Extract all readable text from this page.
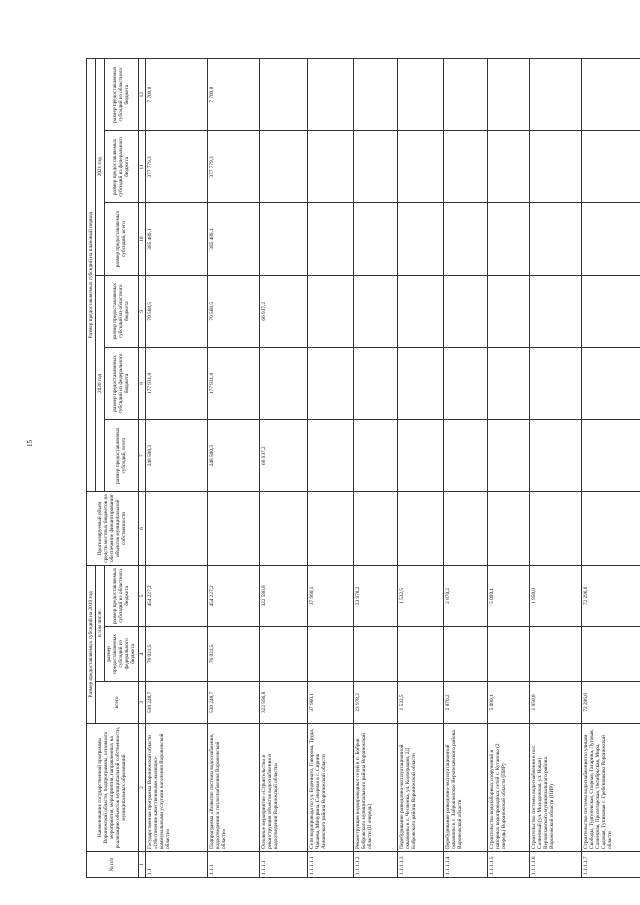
15
№ п/п	Наименование государственной программы Воронежской области, подпрограммы, основного мероприятия, мероприятия, направленных на реализацию объектов муниципальной собственности, муниципальных образований	Размер предоставляемых субсидий на 2019 год			Прогнозируемый объем средств местных бюджетов на обеспечение финансирования объектов муниципальной собственности	Размер предоставляемых субсидий на плановый период					
		всего	в том числе:			2020 год			2021 год		
						размер предоставляемых субсидий, всего	размер предоставляемых субсидий из федерального бюджета	размер предоставляемых субсидий из областного бюджета	размер предоставляемых субсидий, всего	размер предоставляемых субсидий из федерального бюджета	размер предоставляемых субсидий из областного бюджета
			размер предоставляемых субсидий из федерального бюджета	размер предоставляемых субсидий из областного бюджета							
1	2	3	4	5	6	7	8	9	10	11	12
1.1	Государственная программа Воронежской области «Обеспечение качественными жилищно-коммунальными услугами населения Воронежской области»	530 248,7	76 021,5	454 227,2		248 500,3	177 931,8	70 568,5	385 489,1	377 779,3	7 709,8
1.1.1	Подпрограмма «Развитие системы водоснабжения, водоотведения и теплоснабжения Воронежской области»	530 248,7	76 021,5	454 227,2		248 500,3	177 931,8	70 568,5	385 489,1	377 779,3	7 709,8
1.1.1.1	Основное мероприятие «Строительство и реконструкция объектов водоснабжения и водоотведения Воронежской области»	322 596,8		322 596,8		66 937,2		66 937,2			
1.1.1.1.1	Сети водопровода по ул. Буденного, Говорова, Труда, Чапаева, Мичурина, Северная в с. Сирник Аннинского района Воронежской области	37 960,1		37 960,1							
1.1.1.1.2	Реконструкция водопроводных сетей в п. Бобров Бобровского муниципального района Воронежской области (II очередь)	23 978,2		23 978,2							
1.1.1.1.3	Перебуривание разведочно-эксплуатационной скважины в с. Чесменка, ул. Кооперации, 2Д Бобровского района Воронежской области	1 532,5		1 532,5							
1.1.1.1.4	Перебуривание разведочно-эксплуатационной скважины в с. Заброшенское Верхнехавского района Воронежской области	2 870,2		2 870,2							
1.1.1.1.5	Строительство водозаборных сооружений и напорных водопроводных сетей с. Кутаново (2 очередь) Воронежской области (ПИР)	5 090,1		5 090,1							
1.1.1.1.6	Строительство системы водоснабжения в пос. Солнечный (ул. Молодежная, ул. Новая) Верхнехавского муниципального района Воронежской области (ПИР)	1 950,0		1 950,0							
1.1.1.1.7	Строительство системы водоснабжения по улицам Свободы, Тургеневская, Спорная, Гагарина, Луговая, Солнечная, Пролетарская, Октябрьская, Мира, Садовая, Тупиковая с. Гребенниково Воронежской области	72 296,6		72 296,6							
